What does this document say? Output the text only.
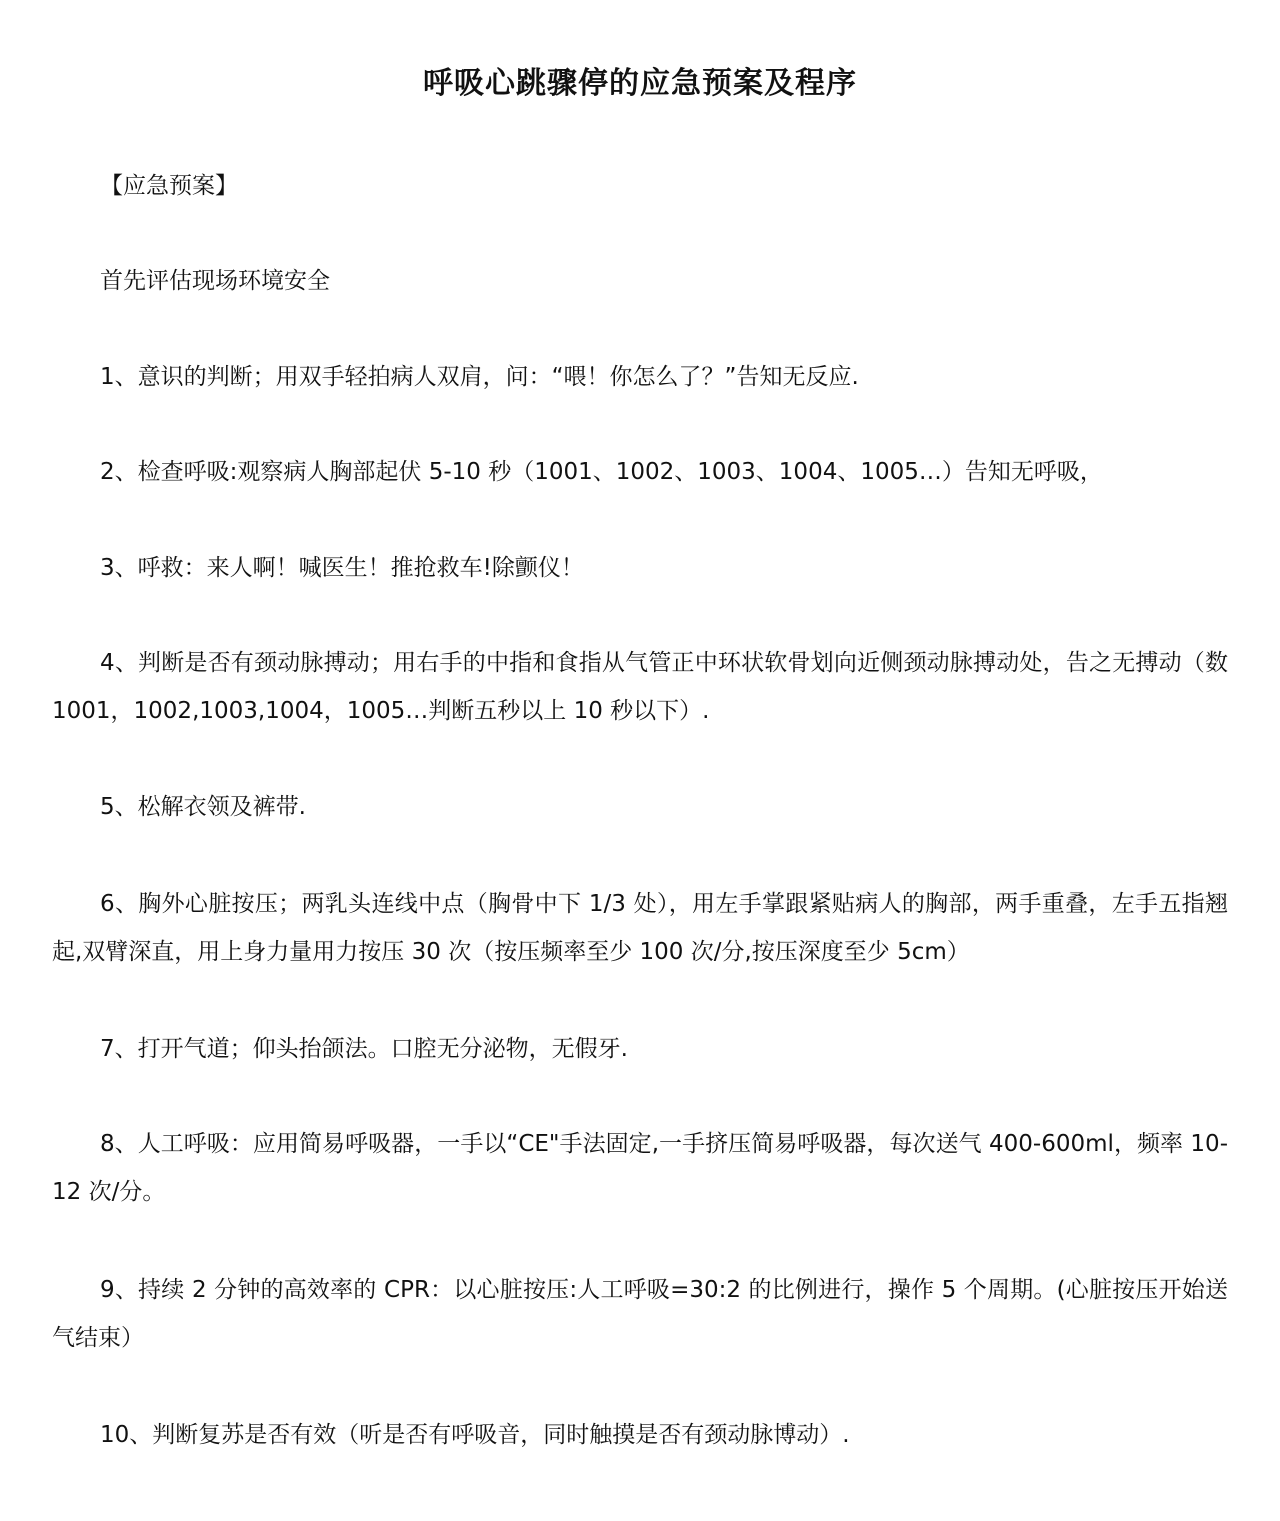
呼吸心跳骤停的应急预案及程序

【应急预案】

首先评估现场环境安全

1、意识的判断；用双手轻拍病人双肩，问：“喂！你怎么了？”告知无反应.

2、检查呼吸:观察病人胸部起伏 5-10 秒（1001、1002、1003、1004、1005…）告知无呼吸，

3、呼救：来人啊！喊医生！推抢救车!除颤仪！

4、判断是否有颈动脉搏动；用右手的中指和食指从气管正中环状软骨划向近侧颈动脉搏动处，告之无搏动（数 1001，1002,1003,1004，1005…判断五秒以上 10 秒以下）.

5、松解衣领及裤带.

6、胸外心脏按压；两乳头连线中点（胸骨中下 1/3 处），用左手掌跟紧贴病人的胸部，两手重叠，左手五指翘起,双臂深直，用上身力量用力按压 30 次（按压频率至少 100 次/分,按压深度至少 5cm）

7、打开气道；仰头抬颌法。口腔无分泌物，无假牙.

8、人工呼吸：应用简易呼吸器，一手以“CE"手法固定,一手挤压简易呼吸器，每次送气 400-600ml，频率 10-12 次/分。

9、持续 2 分钟的高效率的 CPR：以心脏按压:人工呼吸=30:2 的比例进行，操作 5 个周期。(心脏按压开始送气结束）

10、判断复苏是否有效（听是否有呼吸音，同时触摸是否有颈动脉博动）.
